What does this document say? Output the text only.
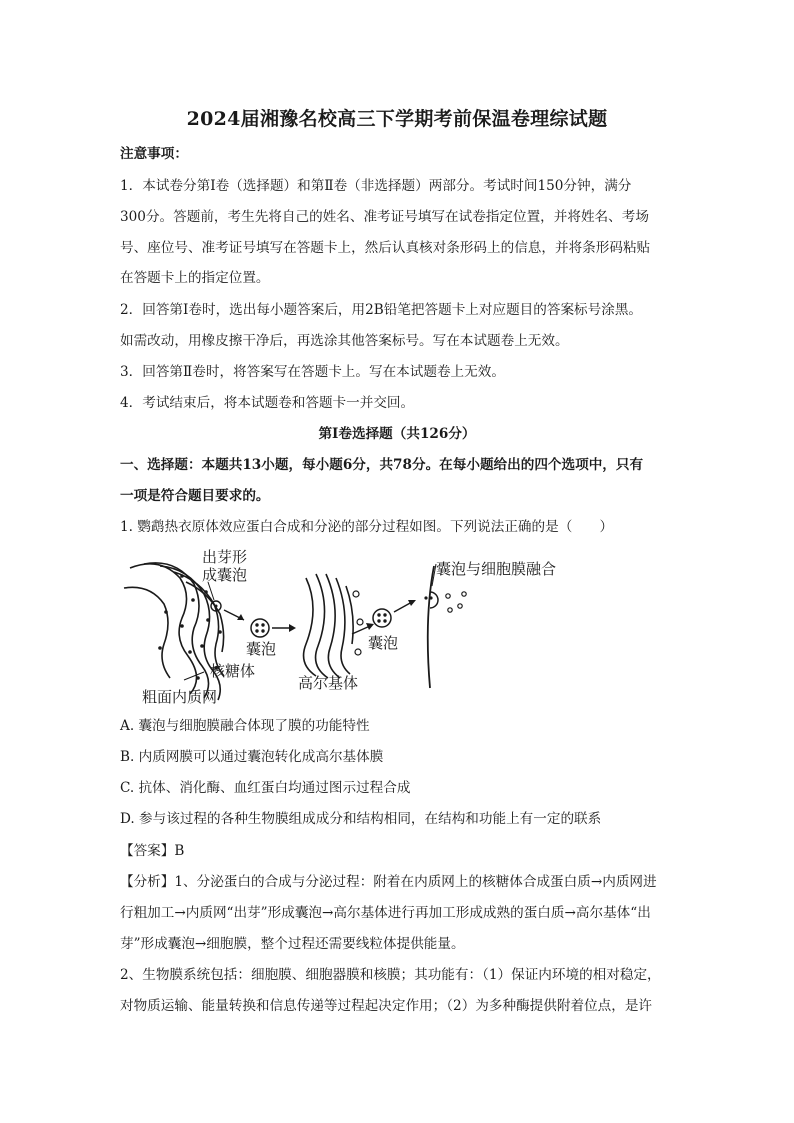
2024届湘豫名校高三下学期考前保温卷理综试题
注意事项：
1．本试卷分第Ⅰ卷（选择题）和第Ⅱ卷（非选择题）两部分。考试时间150分钟，满分
300分。答题前，考生先将自己的姓名、准考证号填写在试卷指定位置，并将姓名、考场
号、座位号、准考证号填写在答题卡上，然后认真核对条形码上的信息，并将条形码粘贴
在答题卡上的指定位置。
2．回答第Ⅰ卷时，选出每小题答案后，用2B铅笔把答题卡上对应题目的答案标号涂黑。
如需改动，用橡皮擦干净后，再选涂其他答案标号。写在本试题卷上无效。
3．回答第Ⅱ卷时，将答案写在答题卡上。写在本试题卷上无效。
4．考试结束后，将本试题卷和答题卡一并交回。
第Ⅰ卷选择题（共126分）
一、选择题：本题共13小题，每小题6分，共78分。在每小题给出的四个选项中，只有
一项是符合题目要求的。
1. 鹦鹉热衣原体效应蛋白合成和分泌的部分过程如图。下列说法正确的是（　　）
出芽形
成囊泡	囊泡与细胞膜融合
囊泡	囊泡
核糖体
粗面内质网
高尔基体
A. 囊泡与细胞膜融合体现了膜的功能特性
B. 内质网膜可以通过囊泡转化成高尔基体膜
C. 抗体、消化酶、血红蛋白均通过图示过程合成
D. 参与该过程的各种生物膜组成成分和结构相同，在结构和功能上有一定的联系
【答案】B
【分析】1、分泌蛋白的合成与分泌过程：附着在内质网上的核糖体合成蛋白质→内质网进
行粗加工→内质网“出芽”形成囊泡→高尔基体进行再加工形成成熟的蛋白质→高尔基体“出
芽”形成囊泡→细胞膜，整个过程还需要线粒体提供能量。
2、生物膜系统包括：细胞膜、细胞器膜和核膜；其功能有：（1）保证内环境的相对稳定，
对物质运输、能量转换和信息传递等过程起决定作用；（2）为多种酶提供附着位点，是许
